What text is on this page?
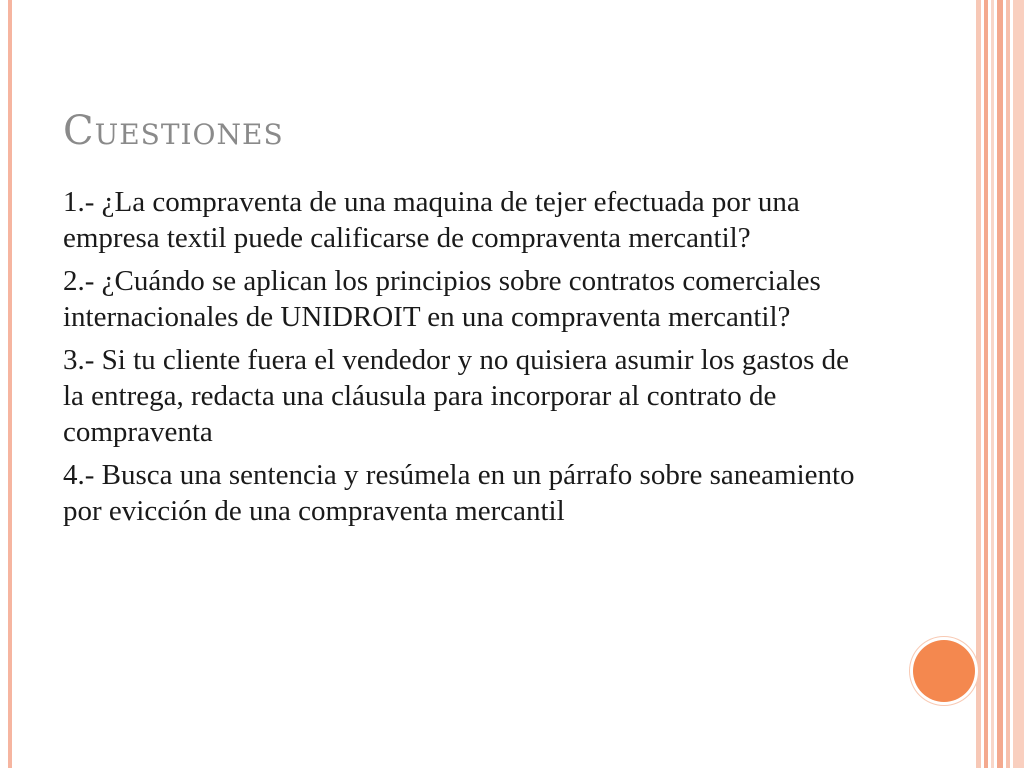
Cuestiones
1.- ¿La compraventa de una maquina de tejer efectuada por una empresa textil puede calificarse de compraventa mercantil?
2.- ¿Cuándo se aplican los principios sobre contratos comerciales internacionales de UNIDROIT en una compraventa mercantil?
3.- Si tu cliente fuera el vendedor y no quisiera asumir los gastos de la entrega, redacta una cláusula para incorporar al contrato de compraventa
4.- Busca una sentencia y resúmela en un párrafo sobre saneamiento por evicción de una compraventa mercantil
